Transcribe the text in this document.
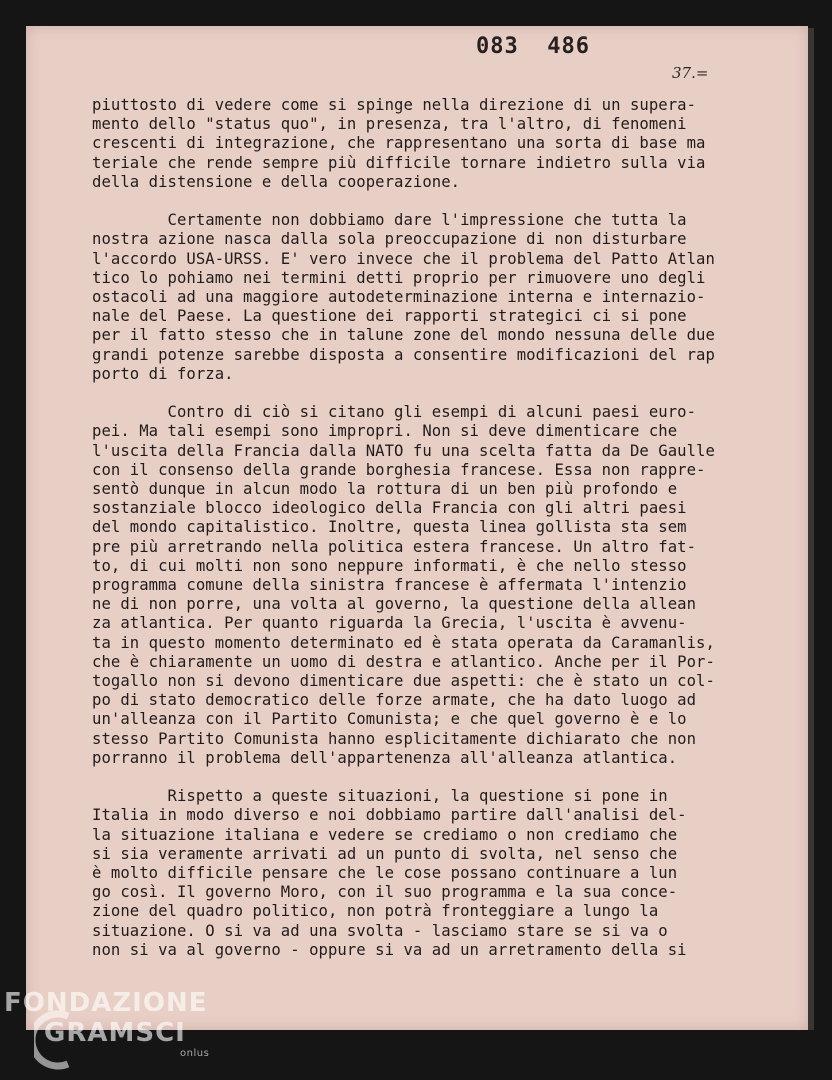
083  486
37.=
piuttosto di vedere come si spinge nella direzione di un supera-
mento dello "status quo", in presenza, tra l'altro, di fenomeni
crescenti di integrazione, che rappresentano una sorta di base ma
teriale che rende sempre più difficile tornare indietro sulla via
della distensione e della cooperazione.
Certamente non dobbiamo dare l'impressione che tutta la
nostra azione nasca dalla sola preoccupazione di non disturbare
l'accordo USA-URSS. E' vero invece che il problema del Patto Atlan
tico lo pohiamo nei termini detti proprio per rimuovere uno degli
ostacoli ad una maggiore autodeterminazione interna e internazio-
nale del Paese. La questione dei rapporti strategici ci si pone
per il fatto stesso che in talune zone del mondo nessuna delle due
grandi potenze sarebbe disposta a consentire modificazioni del rap
porto di forza.
Contro di ciò si citano gli esempi di alcuni paesi euro-
pei. Ma tali esempi sono impropri. Non si deve dimenticare che
l'uscita della Francia dalla NATO fu una scelta fatta da De Gaulle
con il consenso della grande borghesia francese. Essa non rappre-
sentò dunque in alcun modo la rottura di un ben più profondo e
sostanziale blocco ideologico della Francia con gli altri paesi
del mondo capitalistico. Inoltre, questa linea gollista sta sem
pre più arretrando nella politica estera francese. Un altro fat-
to, di cui molti non sono neppure informati, è che nello stesso
programma comune della sinistra francese è affermata l'intenzio
ne di non porre, una volta al governo, la questione della allean
za atlantica. Per quanto riguarda la Grecia, l'uscita è avvenu-
ta in questo momento determinato ed è stata operata da Caramanlis,
che è chiaramente un uomo di destra e atlantico. Anche per il Por-
togallo non si devono dimenticare due aspetti: che è stato un col-
po di stato democratico delle forze armate, che ha dato luogo ad
un'alleanza con il Partito Comunista; e che quel governo è e lo
stesso Partito Comunista hanno esplicitamente dichiarato che non
porranno il problema dell'appartenenza all'alleanza atlantica.
Rispetto a queste situazioni, la questione si pone in
Italia in modo diverso e noi dobbiamo partire dall'analisi del-
la situazione italiana e vedere se crediamo o non crediamo che
si sia veramente arrivati ad un punto di svolta, nel senso che
è molto difficile pensare che le cose possano continuare a lun
go così. Il governo Moro, con il suo programma e la sua conce-
zione del quadro politico, non potrà fronteggiare a lungo la
situazione. O si va ad una svolta - lasciamo stare se si va o
non si va al governo - oppure si va ad un arretramento della si
FONDAZIONE
GRAMSCI
onlus
